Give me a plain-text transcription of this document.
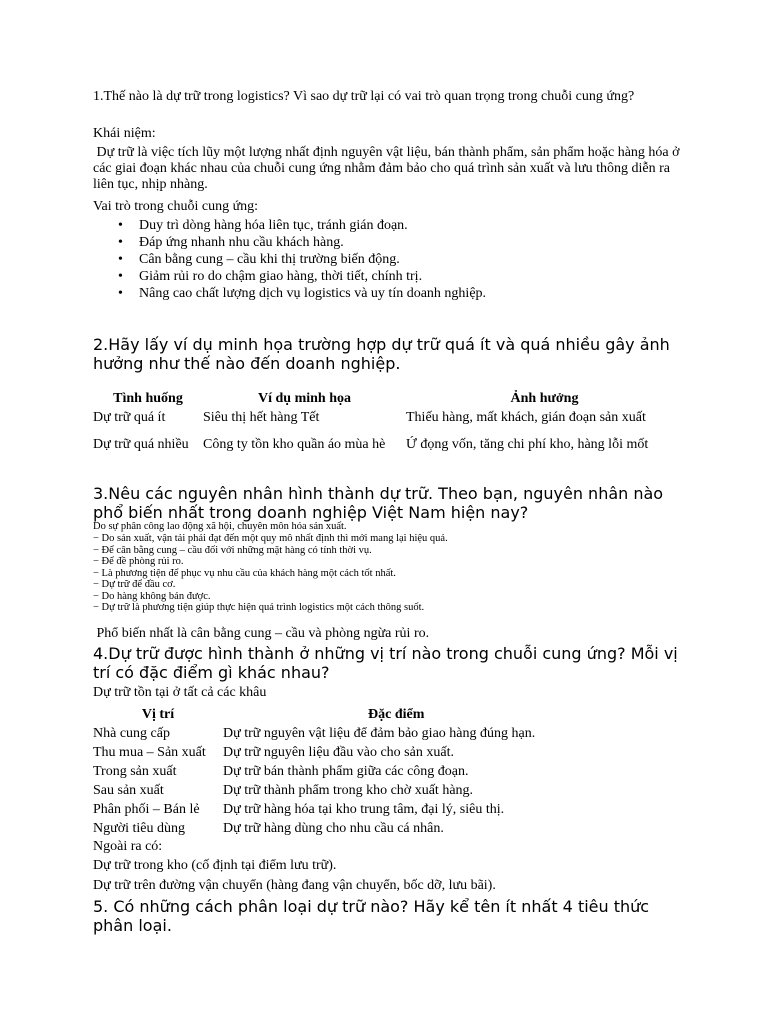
1.Thế nào là dự trữ trong logistics? Vì sao dự trữ lại có vai trò quan trọng trong chuỗi cung ứng?
Khái niệm:
Dự trữ là việc tích lũy một lượng nhất định nguyên vật liệu, bán thành phẩm, sản phẩm hoặc hàng hóa ở các giai đoạn khác nhau của chuỗi cung ứng nhằm đảm bảo cho quá trình sản xuất và lưu thông diễn ra liên tục, nhịp nhàng.
Vai trò trong chuỗi cung ứng:
• Duy trì dòng hàng hóa liên tục, tránh gián đoạn.
• Đáp ứng nhanh nhu cầu khách hàng.
• Cân bằng cung – cầu khi thị trường biến động.
• Giảm rủi ro do chậm giao hàng, thời tiết, chính trị.
• Nâng cao chất lượng dịch vụ logistics và uy tín doanh nghiệp.
2.Hãy lấy ví dụ minh họa trường hợp dự trữ quá ít và quá nhiều gây ảnh hưởng như thế nào đến doanh nghiệp.
Tình huống	Ví dụ minh họa	Ảnh hưởng
Dự trữ quá ít	Siêu thị hết hàng Tết	Thiếu hàng, mất khách, gián đoạn sản xuất
Dự trữ quá nhiều	Công ty tồn kho quần áo mùa hè	Ứ đọng vốn, tăng chi phí kho, hàng lỗi mốt
3.Nêu các nguyên nhân hình thành dự trữ. Theo bạn, nguyên nhân nào phổ biến nhất trong doanh nghiệp Việt Nam hiện nay?
Do sự phân công lao động xã hội, chuyên môn hóa sản xuất.
− Do sản xuất, vận tải phải đạt đến một quy mô nhất định thì mới mang lại hiệu quả.
− Để cân bằng cung – cầu đối với những mặt hàng có tính thời vụ.
− Để đề phòng rủi ro.
− Là phương tiện để phục vụ nhu cầu của khách hàng một cách tốt nhất.
− Dự trữ để đầu cơ.
− Do hàng không bán được.
− Dự trữ là phương tiện giúp thực hiện quá trình logistics một cách thông suốt.
Phổ biến nhất là cân bằng cung – cầu và phòng ngừa rủi ro.
4.Dự trữ được hình thành ở những vị trí nào trong chuỗi cung ứng? Mỗi vị trí có đặc điểm gì khác nhau?
Dự trữ tồn tại ở tất cả các khâu
Vị trí	Đặc điểm
Nhà cung cấp	Dự trữ nguyên vật liệu để đảm bảo giao hàng đúng hạn.
Thu mua – Sản xuất	Dự trữ nguyên liệu đầu vào cho sản xuất.
Trong sản xuất	Dự trữ bán thành phẩm giữa các công đoạn.
Sau sản xuất	Dự trữ thành phẩm trong kho chờ xuất hàng.
Phân phối – Bán lẻ	Dự trữ hàng hóa tại kho trung tâm, đại lý, siêu thị.
Người tiêu dùng	Dự trữ hàng dùng cho nhu cầu cá nhân.
Ngoài ra có:
Dự trữ trong kho (cố định tại điểm lưu trữ).
Dự trữ trên đường vận chuyển (hàng đang vận chuyển, bốc dỡ, lưu bãi).
5. Có những cách phân loại dự trữ nào? Hãy kể tên ít nhất 4 tiêu thức phân loại.
